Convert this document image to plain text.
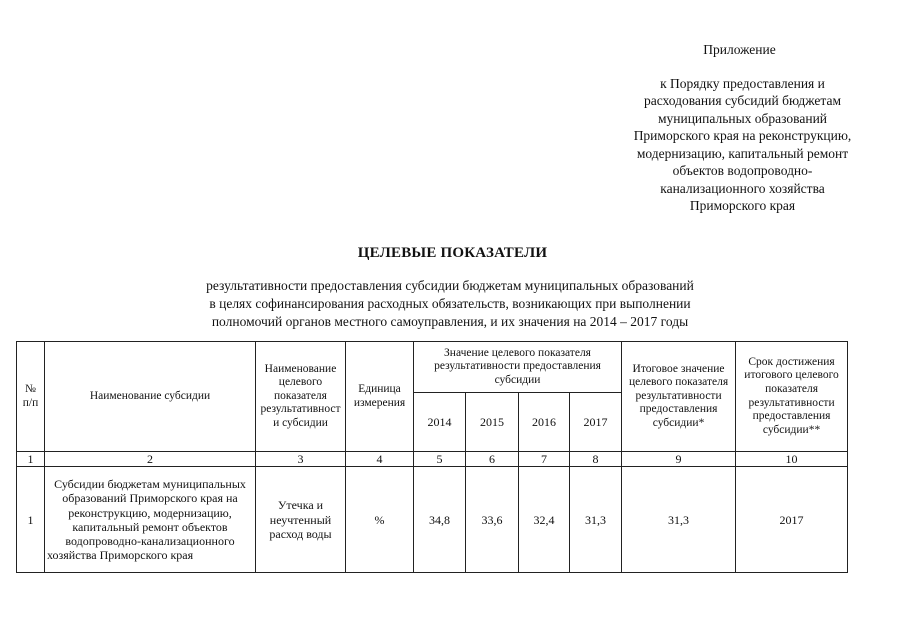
Приложение
к Порядку предоставления и
расходования субсидий бюджетам
муниципальных образований
Приморского края на реконструкцию,
модернизацию, капитальный ремонт
объектов водопроводно-
канализационного хозяйства
Приморского края
ЦЕЛЕВЫЕ ПОКАЗАТЕЛИ
результативности предоставления субсидии бюджетам муниципальных образований
в целях софинансирования расходных обязательств, возникающих при выполнении
полномочий органов местного самоуправления, и их значения на 2014 – 2017 годы
№ п/п	Наименование субсидии	Наименование целевого показателя результативност и субсидии	Единица измерения	Значение целевого показателя результативности предоставления субсидии				Итоговое значение целевого показателя результативности предоставления субсидии*	Срок достижения итогового целевого показателя результативности предоставления субсидии**
				2014	2015	2016	2017		
1	2	3	4	5	6	7	8	9	10
1	Субсидии бюджетам муниципальных образований Приморского края на реконструкцию, модернизацию, капитальный ремонт объектов водопроводно-канализационного хозяйства Приморского края	Утечка и неучтенный расход воды	%	34,8	33,6	32,4	31,3	31,3	2017
